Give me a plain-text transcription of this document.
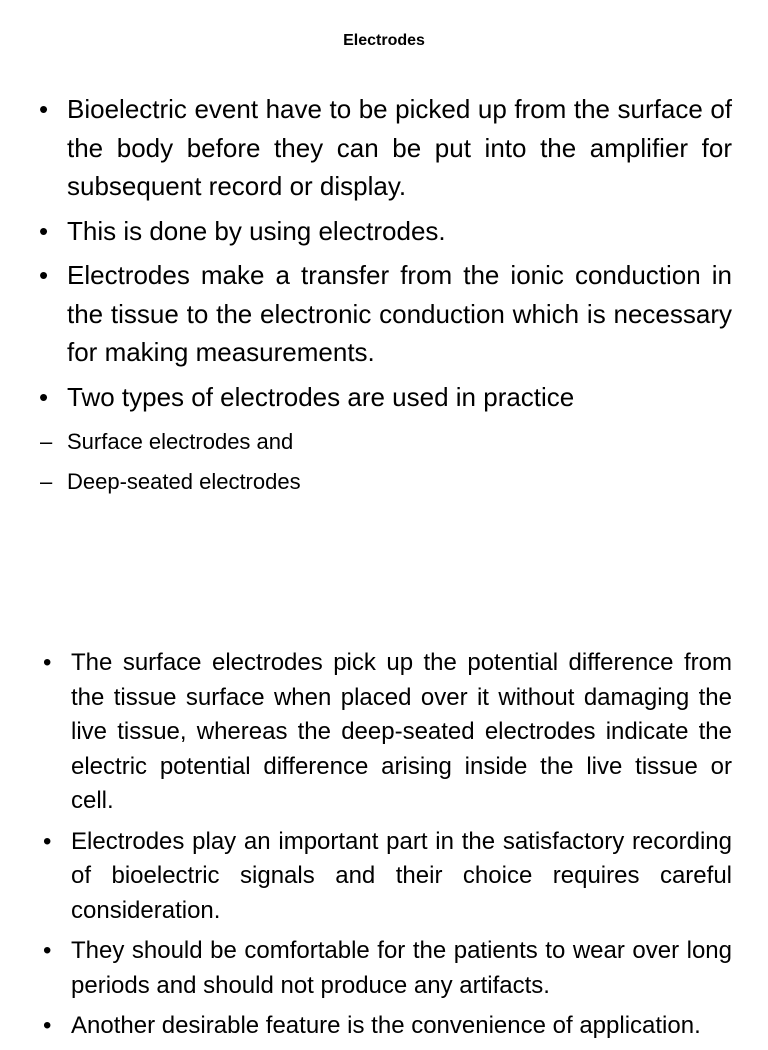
Electrodes
• Bioelectric event have to be picked up from the surface of the body before they can be put into the amplifier for subsequent record or display.
• This is done by using electrodes.
• Electrodes make a transfer from the ionic conduction in the tissue to the electronic conduction which is necessary for making measurements.
• Two types of electrodes are used in practice
– Surface electrodes and
– Deep-seated electrodes
• The surface electrodes pick up the potential difference from the tissue surface when placed over it without damaging the live tissue, whereas the deep-seated electrodes indicate the electric potential difference arising inside the live tissue or cell.
• Electrodes play an important part in the satisfactory recording of bioelectric signals and their choice requires careful consideration.
• They should be comfortable for the patients to wear over long periods and should not produce any artifacts.
• Another desirable feature is the convenience of application.
